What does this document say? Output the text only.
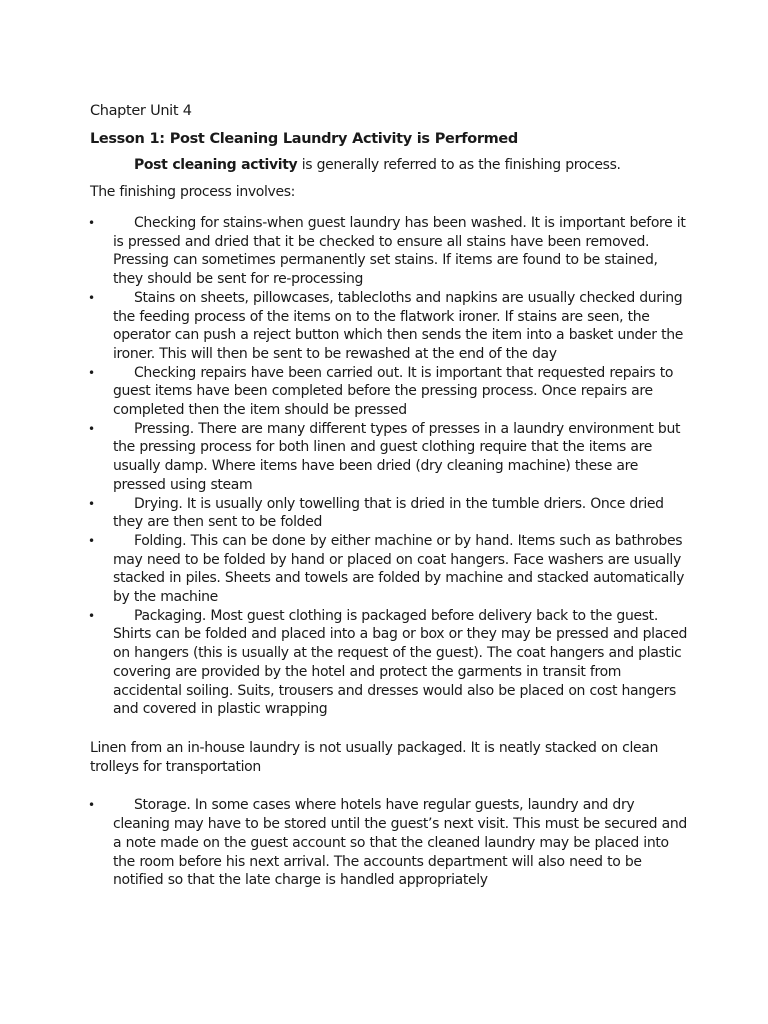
Chapter Unit 4

Lesson 1: Post Cleaning Laundry Activity is Performed

Post cleaning activity is generally referred to as the finishing process.

The finishing process involves:

•	Checking for stains-when guest laundry has been washed. It is important before it is pressed and dried that it be checked to ensure all stains have been removed. Pressing can sometimes permanently set stains. If items are found to be stained, they should be sent for re-processing
•	Stains on sheets, pillowcases, tablecloths and napkins are usually checked during the feeding process of the items on to the flatwork ironer. If stains are seen, the operator can push a reject button which then sends the item into a basket under the ironer. This will then be sent to be rewashed at the end of the day
•	Checking repairs have been carried out. It is important that requested repairs to guest items have been completed before the pressing process. Once repairs are completed then the item should be pressed
•	Pressing. There are many different types of presses in a laundry environment but the pressing process for both linen and guest clothing require that the items are usually damp. Where items have been dried (dry cleaning machine) these are pressed using steam
•	Drying. It is usually only towelling that is dried in the tumble driers. Once dried they are then sent to be folded
•	Folding. This can be done by either machine or by hand. Items such as bathrobes may need to be folded by hand or placed on coat hangers. Face washers are usually stacked in piles. Sheets and towels are folded by machine and stacked automatically by the machine
•	Packaging. Most guest clothing is packaged before delivery back to the guest. Shirts can be folded and placed into a bag or box or they may be pressed and placed on hangers (this is usually at the request of the guest). The coat hangers and plastic covering are provided by the hotel and protect the garments in transit from accidental soiling. Suits, trousers and dresses would also be placed on cost hangers and covered in plastic wrapping

Linen from an in-house laundry is not usually packaged. It is neatly stacked on clean trolleys for transportation

•	Storage. In some cases where hotels have regular guests, laundry and dry cleaning may have to be stored until the guest’s next visit. This must be secured and a note made on the guest account so that the cleaned laundry may be placed into the room before his next arrival. The accounts department will also need to be notified so that the late charge is handled appropriately
